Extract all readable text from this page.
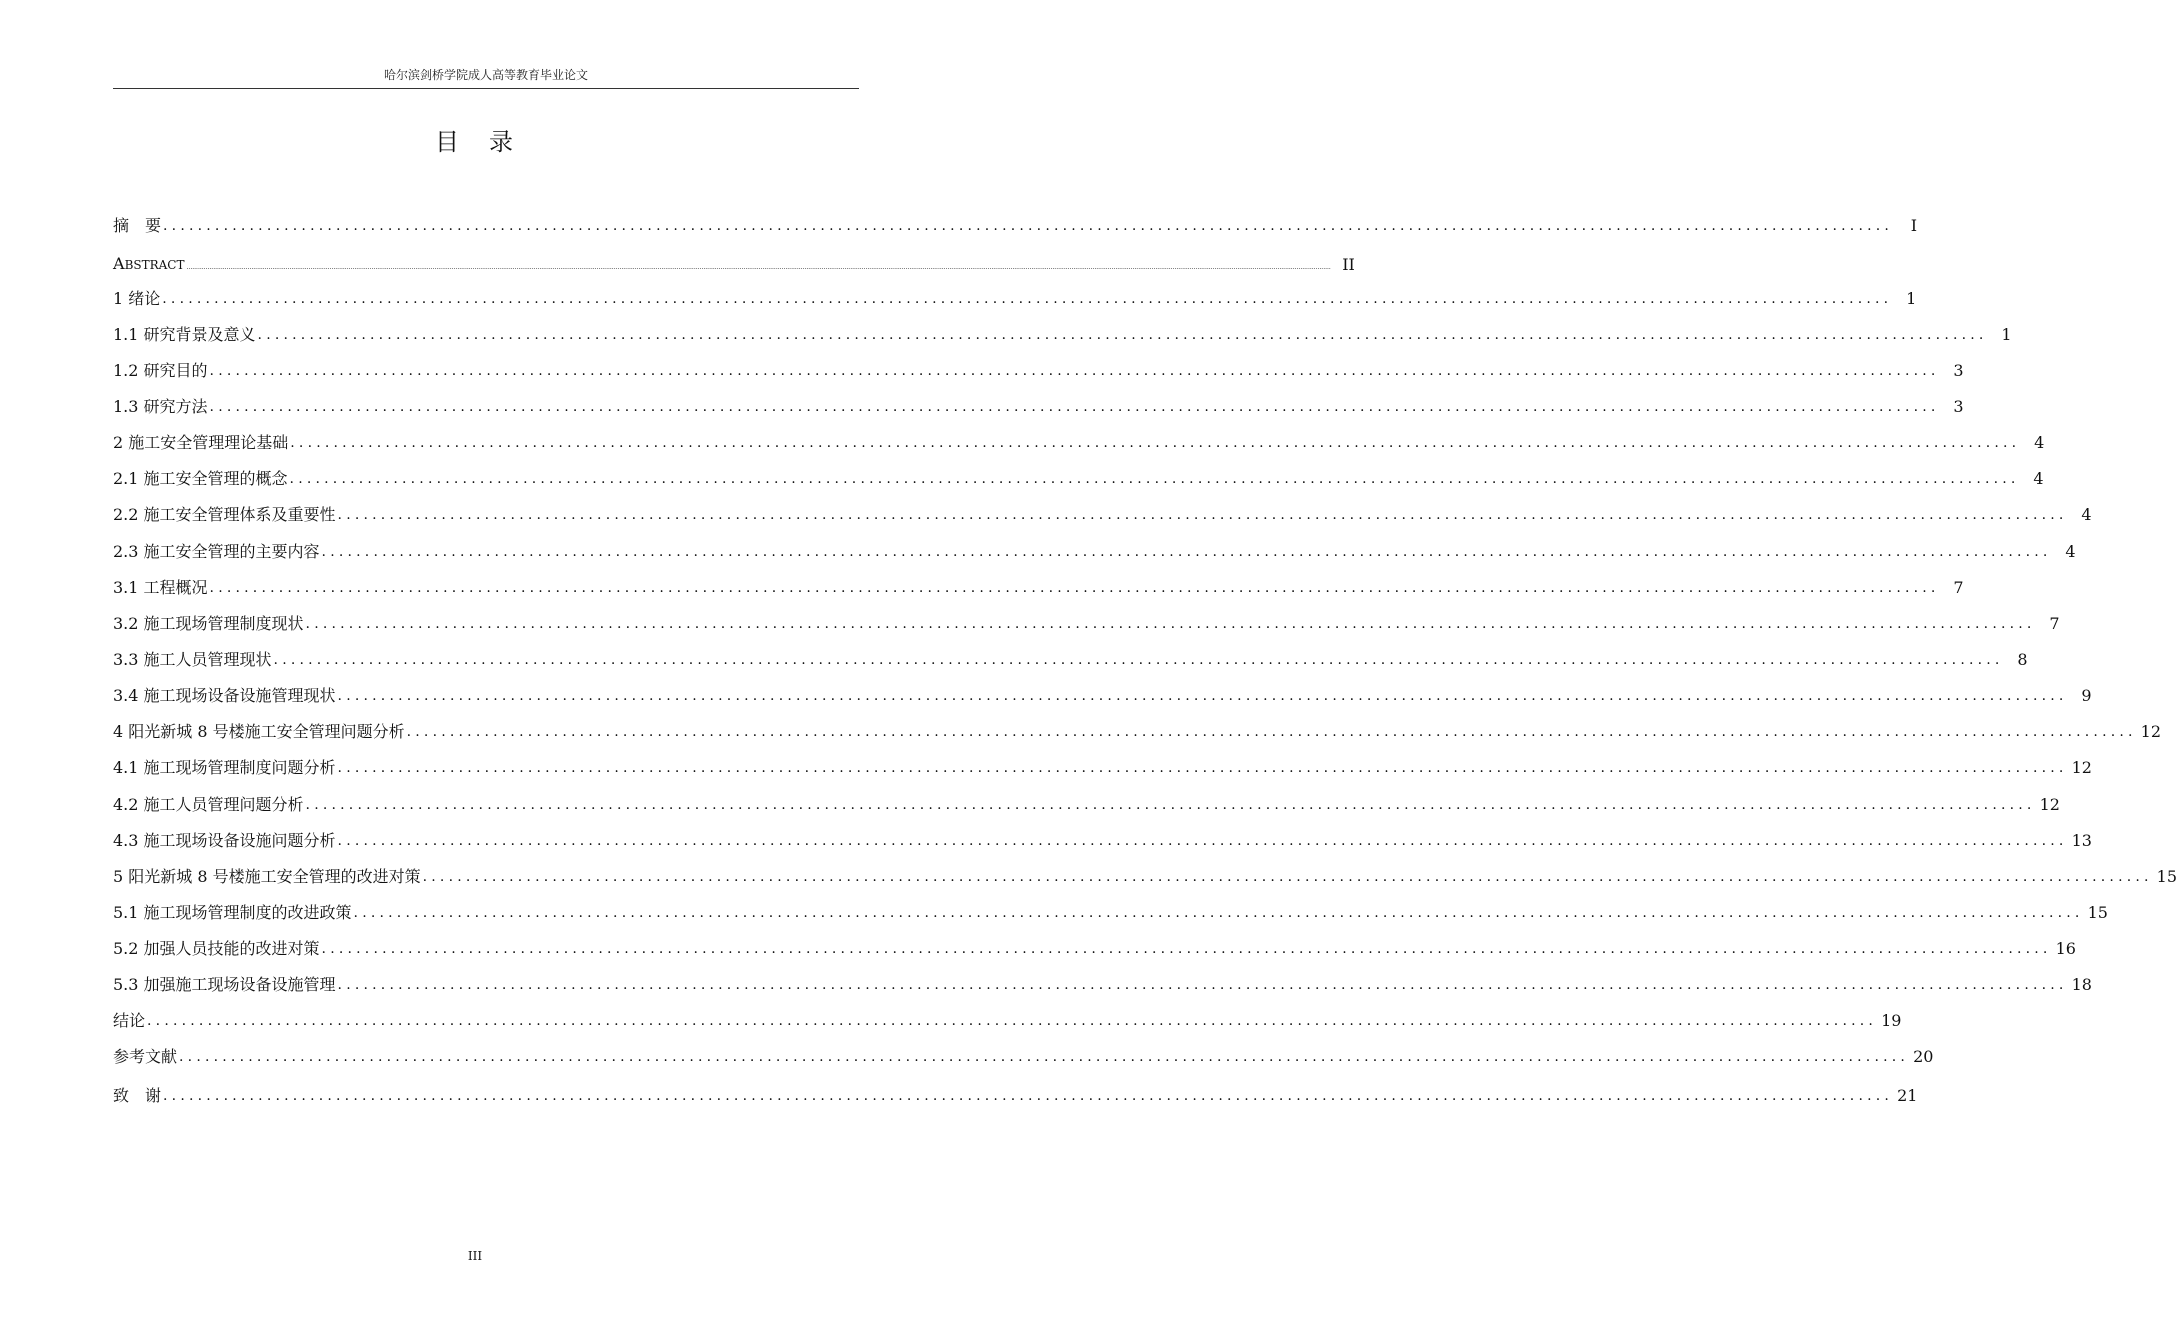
哈尔滨剑桥学院成人高等教育毕业论文
目 录
摘　要 ........................................................................................................................................................................................................	I
ABSTRACT ........................................................................................................................................................................................................................................................................................................................................................................................................................................................................................................................................................................................................................ II
1 绪论 ........................................................................................................................................................................................................ 1
1.1 研究背景及意义 ........................................................................................................................................................................................................ 1
1.2 研究目的 ........................................................................................................................................................................................................ 3
1.3 研究方法 ........................................................................................................................................................................................................ 3
2 施工安全管理理论基础 ........................................................................................................................................................................................................ 4
2.1 施工安全管理的概念 ........................................................................................................................................................................................................ 4
2.2 施工安全管理体系及重要性 ........................................................................................................................................................................................................ 4
2.3 施工安全管理的主要内容 ........................................................................................................................................................................................................ 4
3.1 工程概况 ........................................................................................................................................................................................................ 7
3.2 施工现场管理制度现状 ........................................................................................................................................................................................................ 7
3.3 施工人员管理现状 ........................................................................................................................................................................................................ 8
3.4 施工现场设备设施管理现状 ........................................................................................................................................................................................................ 9
4 阳光新城 8 号楼施工安全管理问题分析 ........................................................................................................................................................................................................ 12
4.1 施工现场管理制度问题分析 ........................................................................................................................................................................................................ 12
4.2 施工人员管理问题分析 ........................................................................................................................................................................................................ 12
4.3 施工现场设备设施问题分析 ........................................................................................................................................................................................................ 13
5 阳光新城 8 号楼施工安全管理的改进对策 ........................................................................................................................................................................................................ 15
5.1 施工现场管理制度的改进政策 ........................................................................................................................................................................................................ 15
5.2 加强人员技能的改进对策 ........................................................................................................................................................................................................ 16
5.3 加强施工现场设备设施管理 ........................................................................................................................................................................................................ 18
结论 ........................................................................................................................................................................................................ 19
参考文献 ........................................................................................................................................................................................................ 20
致　谢 ........................................................................................................................................................................................................ 21
III
